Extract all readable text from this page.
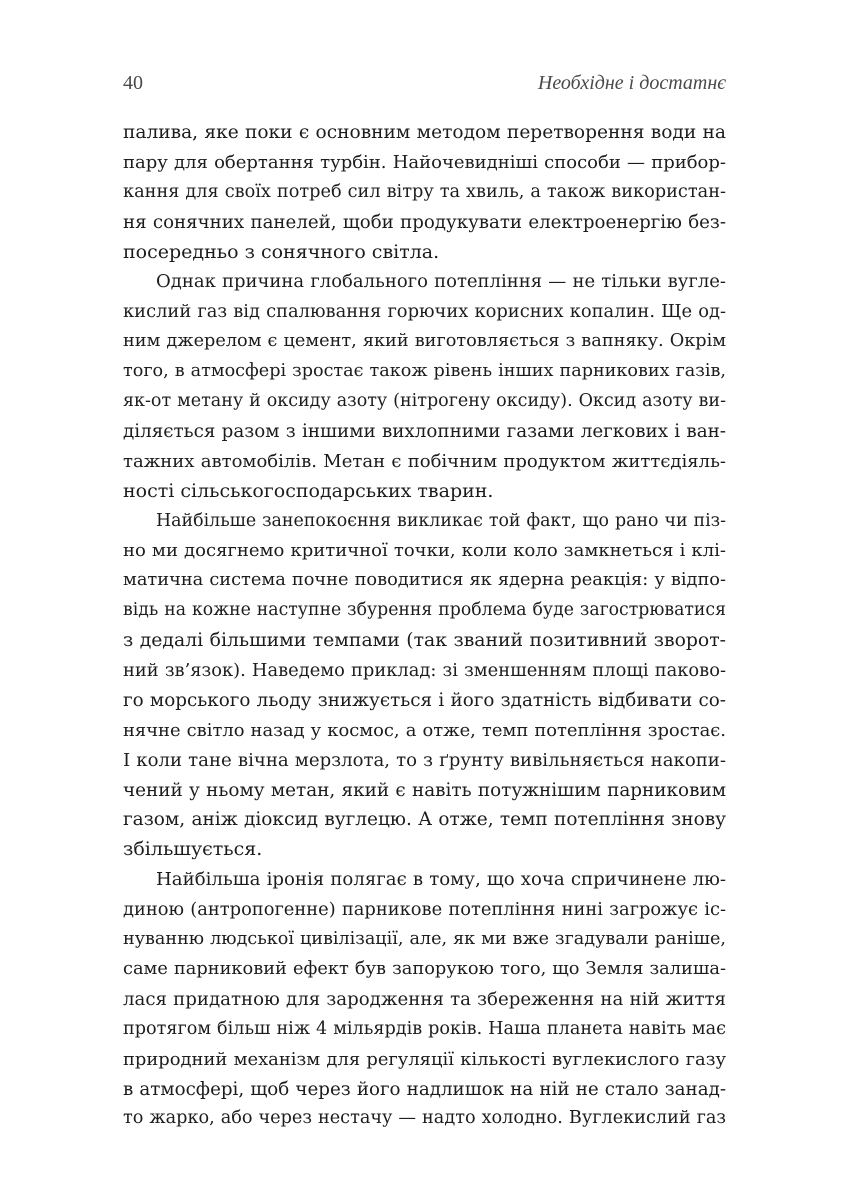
40	Необхідне і достатнє
палива, яке поки є основним методом перетворення води на
пару для обертання турбін. Найочевидніші способи — прибор-
кання для своїх потреб сил вітру та хвиль, а також використан-
ня сонячних панелей, щоби продукувати електроенергію без-
посередньо з сонячного світла.
Однак причина глобального потепління — не тільки вуглe-
кислий газ від спалювання горючих корисних копалин. Ще од-
ним джерелом є цемент, який виготовляється з вапняку. Окрім
того, в атмосфері зростає також рівень інших парникових газів,
як-от метану й оксиду азоту (нітрогену оксиду). Оксид азоту ви-
діляється разом з іншими вихлопними газами легкових і ван-
тажних автомобілів. Метан є побічним продуктом життєдіяль-
ності сільськогосподарських тварин.
Найбільше занепокоєння викликає той факт, що рано чи піз-
но ми досягнемо критичної точки, коли коло замкнеться і клі-
матична система почне поводитися як ядерна реакція: у відпо-
відь на кожне наступне збурення проблема буде загострюватися
з дедалі більшими темпами (так званий позитивний зворот-
ний зв’язок). Наведемо приклад: зі зменшенням площі паково-
го морського льоду знижується і його здатність відбивати со-
нячне світло назад у космос, а отже, темп потепління зростає.
І коли тане вічна мерзлота, то з ґрунту вивільняється накопи-
чений у ньому метан, який є навіть потужнішим парниковим
газом, аніж діоксид вуглецю. А отже, темп потепління знову
збільшується.
Найбільша іронія полягає в тому, що хоча спричинене лю-
диною (антропогенне) парникове потепління нині загрожує іс-
нуванню людської цивілізації, але, як ми вже згадували раніше,
саме парниковий ефект був запорукою того, що Земля залиша-
лася придатною для зародження та збереження на ній життя
протягом більш ніж 4 мільярдів років. Наша планета навіть має
природний механізм для регуляції кількості вуглекислого газу
в атмосфері, щоб через його надлишок на ній не стало занад-
то жарко, або через нестачу — надто холодно. Вуглекислий газ
